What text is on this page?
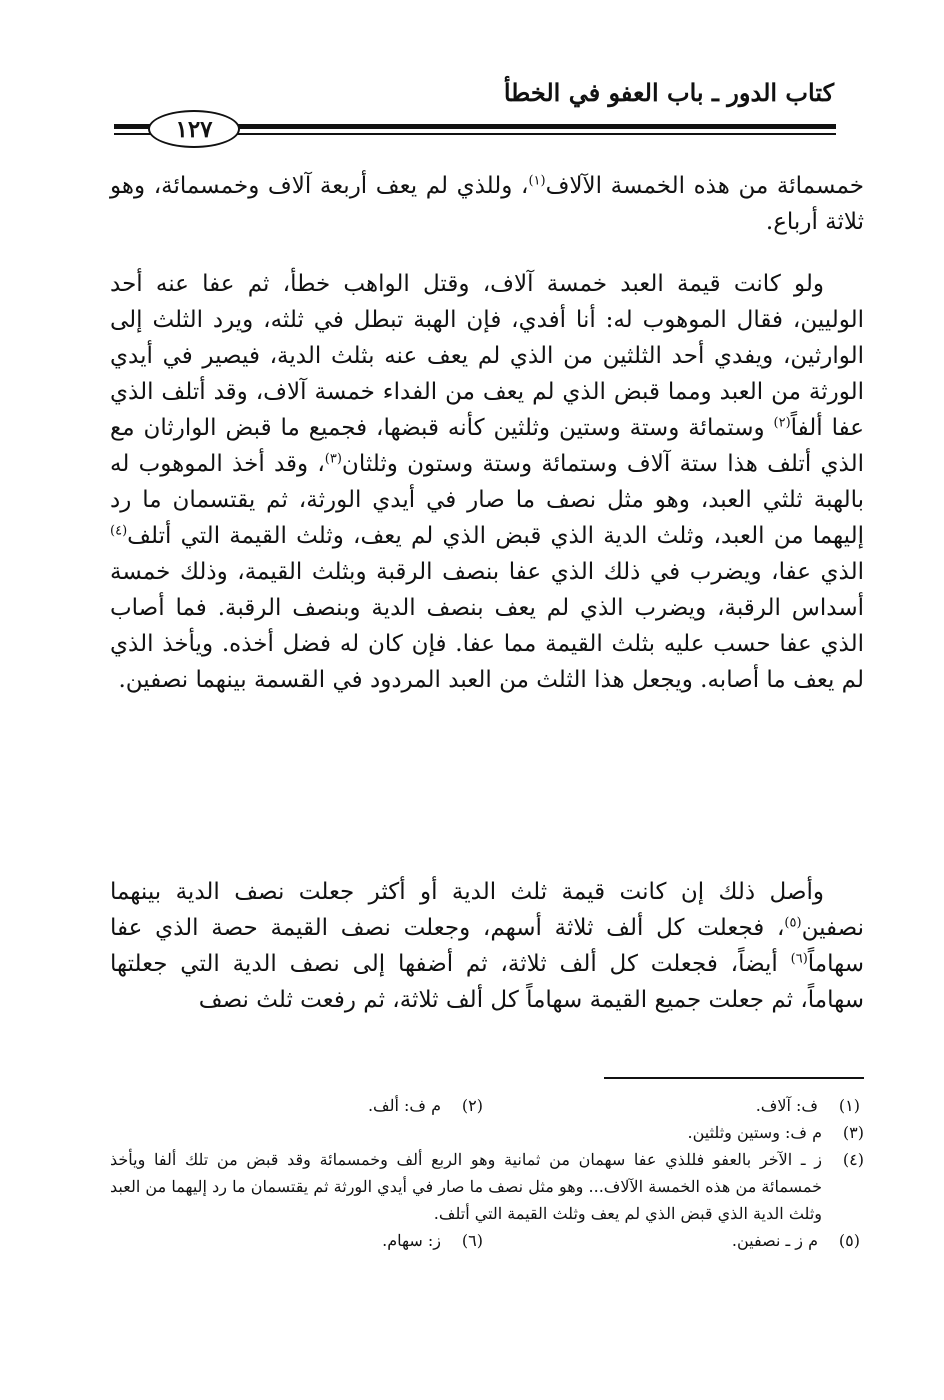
كتاب الدور ـ باب العفو في الخطأ
١٢٧

خمسمائة من هذه الخمسة الآلاف$^{(١)}$، وللذي لم يعف أربعة آلاف وخمسمائة، وهو ثلاثة أرباع.

ولو كانت قيمة العبد خمسة آلاف، وقتل الواهب خطأ، ثم عفا عنه أحد الوليين، فقال الموهوب له: أنا أفدي، فإن الهبة تبطل في ثلثه، ويرد الثلث إلى الوارثين، ويفدي أحد الثلثين من الذي لم يعف عنه بثلث الدية، فيصير في أيدي الورثة من العبد ومما قبض الذي لم يعف من الفداء خمسة آلاف، وقد أتلف الذي عفا ألفاً$^{(٢)}$ وستمائة وستة وستين وثلثين كأنه قبضها، فجميع ما قبض الوارثان مع الذي أتلف هذا ستة آلاف وستمائة وستة وستون وثلثان$^{(٣)}$، وقد أخذ الموهوب له بالهبة ثلثي العبد، وهو مثل نصف ما صار في أيدي الورثة، ثم يقتسمان ما رد إليهما من العبد، وثلث الدية الذي قبض الذي لم يعف، وثلث القيمة التي أتلف$^{(٤)}$ الذي عفا، ويضرب في ذلك الذي عفا بنصف الرقبة وبثلث القيمة، وذلك خمسة أسداس الرقبة، ويضرب الذي لم يعف بنصف الدية وبنصف الرقبة. فما أصاب الذي عفا حسب عليه بثلث القيمة مما عفا. فإن كان له فضل أخذه. ويأخذ الذي لم يعف ما أصابه. ويجعل هذا الثلث من العبد المردود في القسمة بينهما نصفين.

وأصل ذلك إن كانت قيمة ثلث الدية أو أكثر جعلت نصف الدية بينهما نصفين$^{(٥)}$، فجعلت كل ألف ثلاثة أسهم، وجعلت نصف القيمة حصة الذي عفا سهاماً$^{(٦)}$ أيضاً، فجعلت كل ألف ثلاثة، ثم أضفها إلى نصف الدية التي جعلتها سهاماً، ثم جعلت جميع القيمة سهاماً كل ألف ثلاثة، ثم رفعت ثلث نصف

(١)
ف: آلاف.
(٢)
م ف: ألف.
(٣)
م ف: وستين وثلثين.
(٤)
ز ـ الآخر بالعفو فللذي عفا سهمان من ثمانية وهو الربع ألف وخمسمائة وقد قبض من تلك ألفا ويأخذ خمسمائة من هذه الخمسة الآلاف... وهو مثل نصف ما صار في أيدي الورثة ثم يقتسمان ما رد إليهما من العبد وثلث الدية الذي قبض الذي لم يعف وثلث القيمة التي أتلف.
(٥)
م ز ـ نصفين.
(٦)
ز: سهام.
